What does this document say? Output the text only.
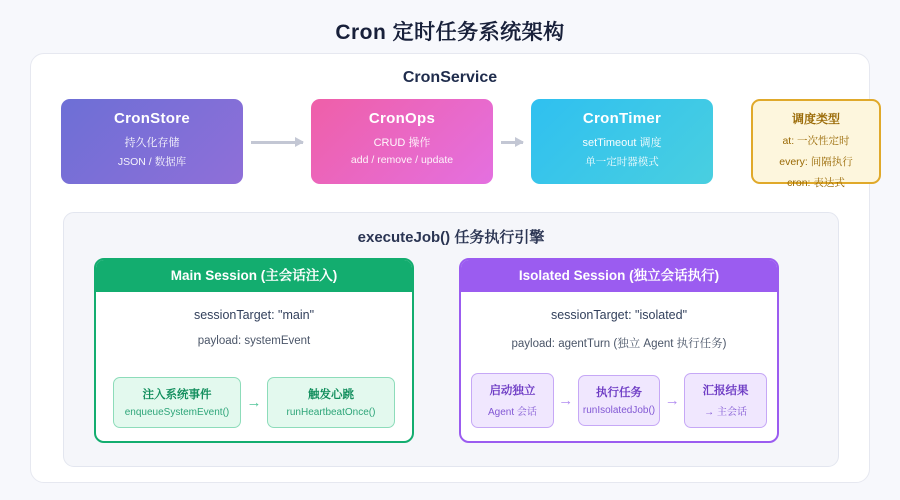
Cron 定时任务系统架构
CronService
CronStore
持久化存储
JSON / 数据库
CronOps
CRUD 操作
add / remove / update
CronTimer
setTimeout 调度
单一定时器模式
调度类型
at: 一次性定时
every: 间隔执行
cron: 表达式
executeJob() 任务执行引擎
Main Session (主会话注入)
sessionTarget: "main"
payload: systemEvent
注入系统事件
enqueueSystemEvent()
→	触发心跳
runHeartbeatOnce()
Isolated Session (独立会话执行)
sessionTarget: "isolated"
payload: agentTurn (独立 Agent 执行任务)
启动独立
Agent 会话
→	执行任务
runIsolatedJob()
→
汇报结果
→ 主会话
